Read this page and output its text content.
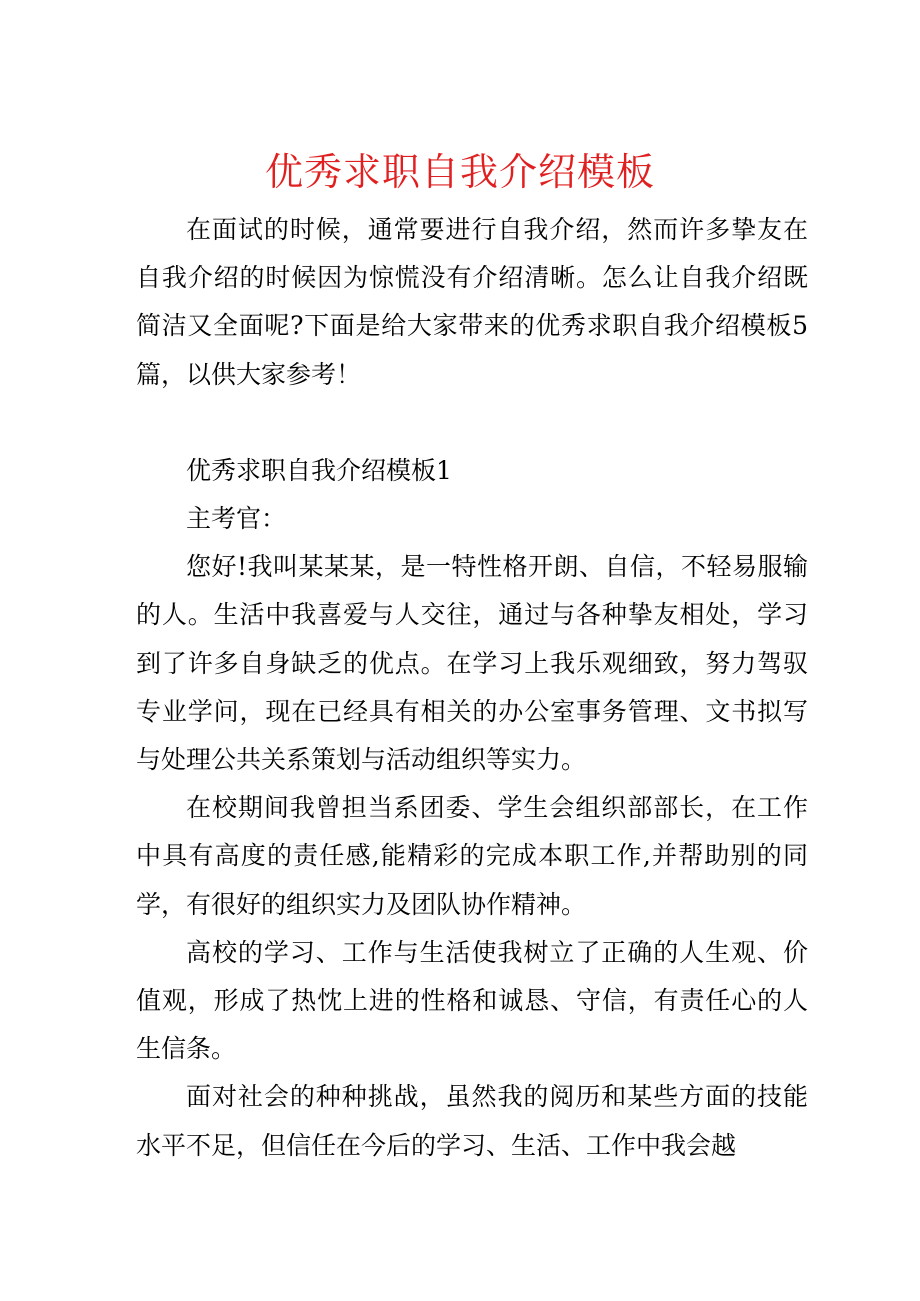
优秀求职自我介绍模板

在面试的时候，通常要进行自我介绍，然而许多挚友在自我介绍的时候因为惊慌没有介绍清晰。怎么让自我介绍既简洁又全面呢?下面是给大家带来的优秀求职自我介绍模板5篇，以供大家参考！

优秀求职自我介绍模板1

主考官：

您好!我叫某某某，是一特性格开朗、自信，不轻易服输的人。生活中我喜爱与人交往，通过与各种挚友相处，学习到了许多自身缺乏的优点。在学习上我乐观细致，努力驾驭专业学问，现在已经具有相关的办公室事务管理、文书拟写与处理公共关系策划与活动组织等实力。

在校期间我曾担当系团委、学生会组织部部长，在工作中具有高度的责任感,能精彩的完成本职工作,并帮助别的同学，有很好的组织实力及团队协作精神。

高校的学习、工作与生活使我树立了正确的人生观、价值观，形成了热忱上进的性格和诚恳、守信，有责任心的人生信条。

面对社会的种种挑战，虽然我的阅历和某些方面的技能水平不足，但信任在今后的学习、生活、工作中我会越
